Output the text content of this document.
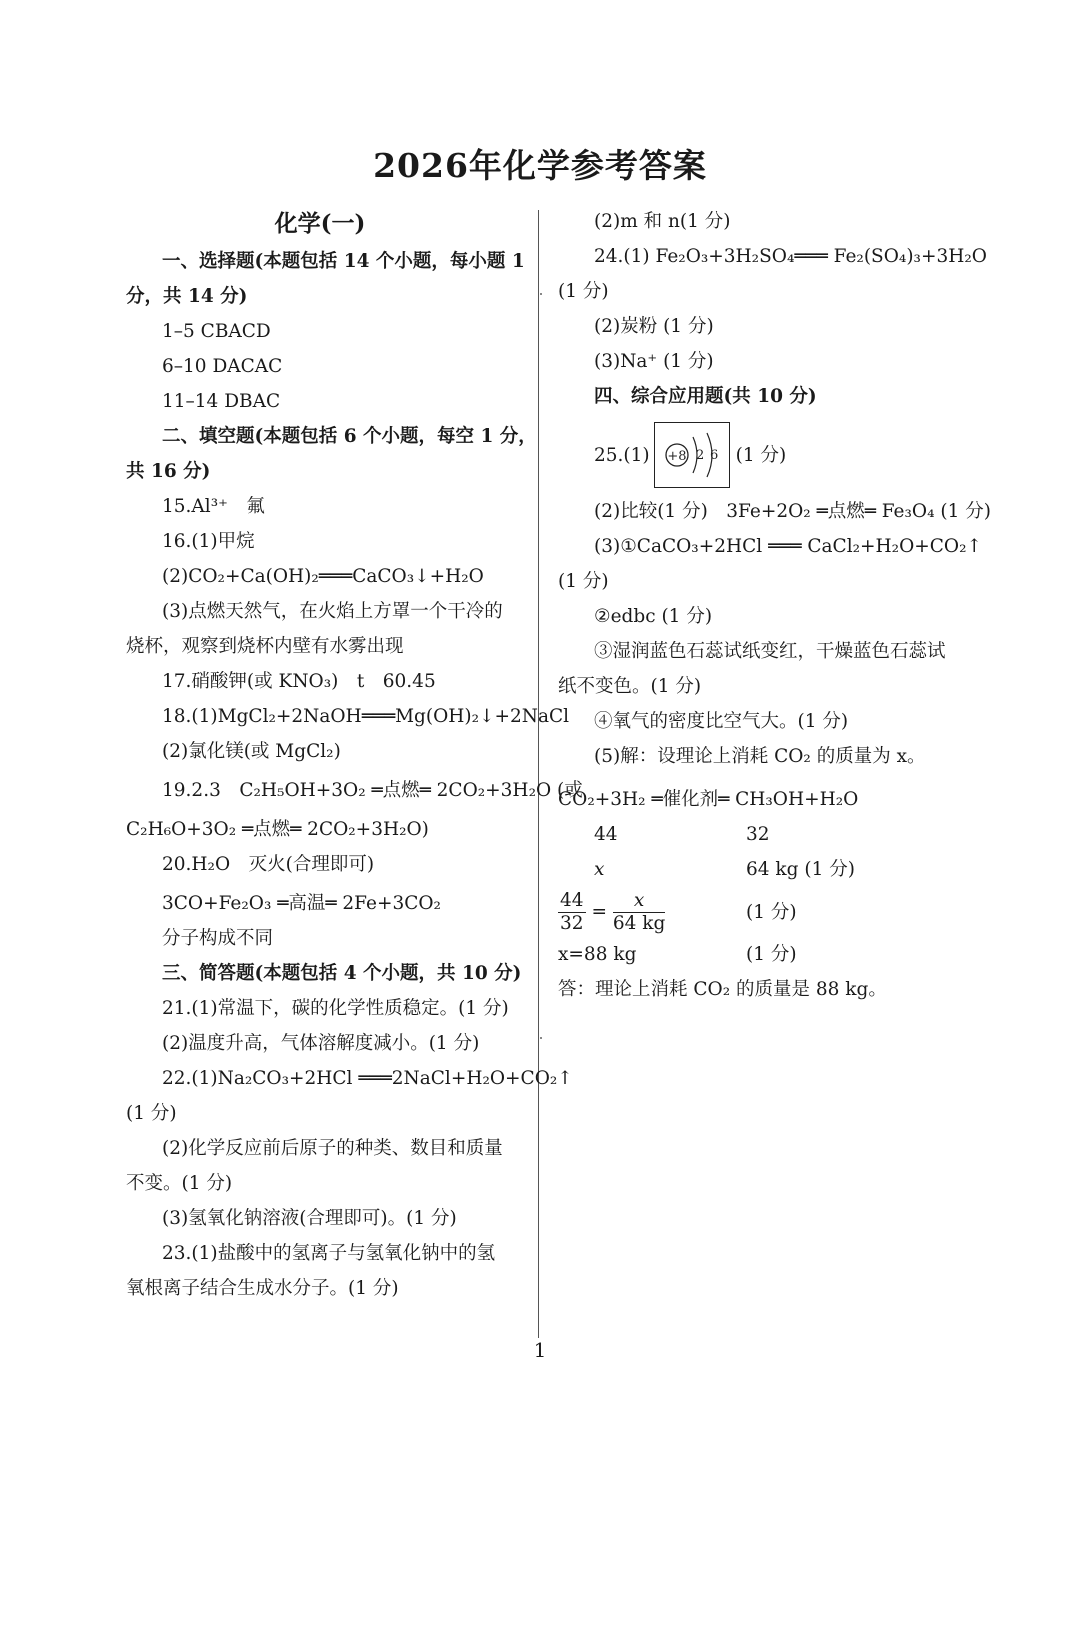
2026年化学参考答案
化学(一)
一、选择题(本题包括 14 个小题，每小题 1
分，共 14 分)
1–5 CBACD
6–10 DACAC
11–14 DBAC
二、填空题(本题包括 6 个小题，每空 1 分，
共 16 分)
15.Al³⁺　氟
16.(1)甲烷
(2)CO₂+Ca(OH)₂═══CaCO₃↓+H₂O
(3)点燃天然气，在火焰上方罩一个干冷的
烧杯，观察到烧杯内壁有水雾出现
17.硝酸钾(或 KNO₃)　t　60.45
18.(1)MgCl₂+2NaOH═══Mg(OH)₂↓+2NaCl
(2)氯化镁(或 MgCl₂)
19.2.3　C₂H₅OH+3O₂ ═点燃═ 2CO₂+3H₂O (或
C₂H₆O+3O₂ ═点燃═ 2CO₂+3H₂O)
20.H₂O　灭火(合理即可)
3CO+Fe₂O₃ ═高温═ 2Fe+3CO₂
分子构成不同
三、简答题(本题包括 4 个小题，共 10 分)
21.(1)常温下，碳的化学性质稳定。(1 分)
(2)温度升高，气体溶解度减小。(1 分)
22.(1)Na₂CO₃+2HCl ═══2NaCl+H₂O+CO₂↑
(1 分)
(2)化学反应前后原子的种类、数目和质量
不变。(1 分)
(3)氢氧化钠溶液(合理即可)。(1 分)
23.(1)盐酸中的氢离子与氢氧化钠中的氢
氧根离子结合生成水分子。(1 分)
(2)m 和 n(1 分)
24.(1) Fe₂O₃+3H₂SO₄═══ Fe₂(SO₄)₃+3H₂O
(1 分)
(2)炭粉 (1 分)
(3)Na⁺ (1 分)
四、综合应用题(共 10 分)
25.(1) +8 2 6 (1 分)
(2)比较(1 分)　3Fe+2O₂ ═点燃═ Fe₃O₄ (1 分)
(3)①CaCO₃+2HCl ═══ CaCl₂+H₂O+CO₂↑
(1 分)
②edbc (1 分)
③湿润蓝色石蕊试纸变红，干燥蓝色石蕊试
纸不变色。(1 分)
④氧气的密度比空气大。(1 分)
(5)解：设理论上消耗 CO₂ 的质量为 x。
CO₂+3H₂ ═催化剂═ CH₃OH+H₂O
44	32
x	64 kg (1 分)
$\frac{44}{32} = \frac{x}{64 kg}$	(1 分)
x=88 kg	(1 分)
答：理论上消耗 CO₂ 的质量是 88 kg。
1
